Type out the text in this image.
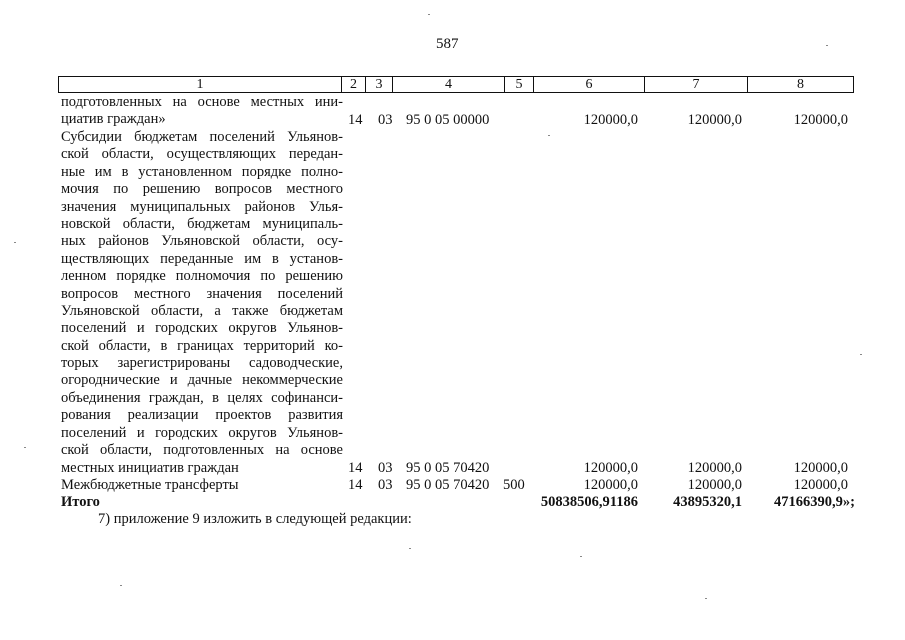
587
1	2	3	4	5	6	7	8
подготовленных на основе местных ини-
циатив граждан»	14 03 95 0 05 00000	120000,0	120000,0	120000,0
Субсидии бюджетам поселений Ульянов-
ской области, осуществляющих передан-
ные им в установленном порядке полно-
мочия по решению вопросов местного
значения муниципальных районов Улья-
новской области, бюджетам муниципаль-
ных районов Ульяновской области, осу-
ществляющих переданные им в установ-
ленном порядке полномочия по решению
вопросов местного значения поселений
Ульяновской области, а также бюджетам
поселений и городских округов Ульянов-
ской области, в границах территорий ко-
торых зарегистрированы садоводческие,
огороднические и дачные некоммерческие
объединения граждан, в целях софинанси-
рования реализации проектов развития
поселений и городских округов Ульянов-
ской области, подготовленных на основе
местных инициатив граждан	14 03 95 0 05 70420	120000,0	120000,0	120000,0
Межбюджетные трансферты	14 03 95 0 05 70420 500	120000,0	120000,0	120000,0
Итого	50838506,91186 43895320,1 47166390,9»;
7) приложение 9 изложить в следующей редакции:
